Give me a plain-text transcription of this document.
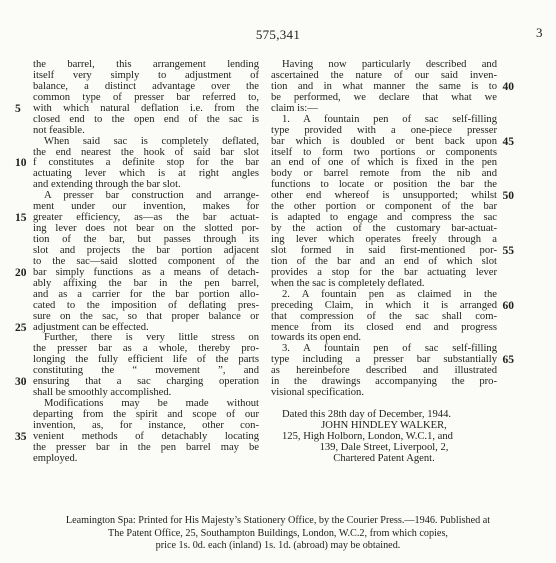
575,341	3
the barrel, this arrangement lending
itself very simply to adjustment of
balance, a distinct advantage over the
common type of presser bar referred to,
with which natural deflation i.e. from the
5
closed end to the open end of the sac is
not feasible.
When said sac is completely deflated,
the end nearest the hook of said bar slot
f constitutes a definite stop for the bar
10
actuating lever which is at right angles
and extending through the bar slot.
A presser bar construction and arrange-
ment under our invention, makes for
greater efficiency, as—as the bar actuat-
15
ing lever does not bear on the slotted por-
tion of the bar, but passes through its
slot and projects the bar portion adjacent
to the sac—said slotted component of the
bar simply functions as a means of detach-
20
ably affixing the bar in the pen barrel,
and as a carrier for the bar portion allo-
cated to the imposition of deflating pres-
sure on the sac, so that proper balance or
adjustment can be effected.
25
Further, there is very little stress on
the presser bar as a whole, thereby pro-
longing the fully efficient life of the parts
constituting the “ movement ”, and
ensuring that a sac charging operation
30
shall be smoothly accomplished.
Modifications may be made without
departing from the spirit and scope of our
invention, as, for instance, other con-
venient methods of detachably locating
35
the presser bar in the pen barrel may be
employed.
Having now particularly described and
ascertained the nature of our said inven-
tion and in what manner the same is to 40
be performed, we declare that what we
claim is:—
1. A fountain pen of sac self-filling
type provided with a one-piece presser
bar which is doubled or bent back upon 45
itself to form two portions or components
an end of one of which is fixed in the pen
body or barrel remote from the nib and
functions to locate or position the bar the
other end whereof is unsupported; whilst 50
the other portion or component of the bar
is adapted to engage and compress the sac
by the action of the customary bar-actuat-
ing lever which operates freely through a
slot formed in said first-mentioned por- 55
tion of the bar and an end of which slot
provides a stop for the bar actuating lever
when the sac is completely deflated.
2. A fountain pen as claimed in the
preceding Claim, in which it is arranged 60
that compression of the sac shall com-
mence from its closed end and progress
towards its open end.
3. A fountain pen of sac self-filling
type including a presser bar substantially 65
as hereinbefore described and illustrated
in the drawings accompanying the pro-
visional specification.
Dated this 28th day of December, 1944.
JOHN HINDLEY WALKER,
125, High Holborn, London, W.C.1, and
139, Dale Street, Liverpool, 2,
Chartered Patent Agent.
Leamington Spa: Printed for His Majesty’s Stationery Office, by the Courier Press.—1946. Published at
The Patent Office, 25, Southampton Buildings, London, W.C.2, from which copies,
price 1s. 0d. each (inland) 1s. 1d. (abroad) may be obtained.
